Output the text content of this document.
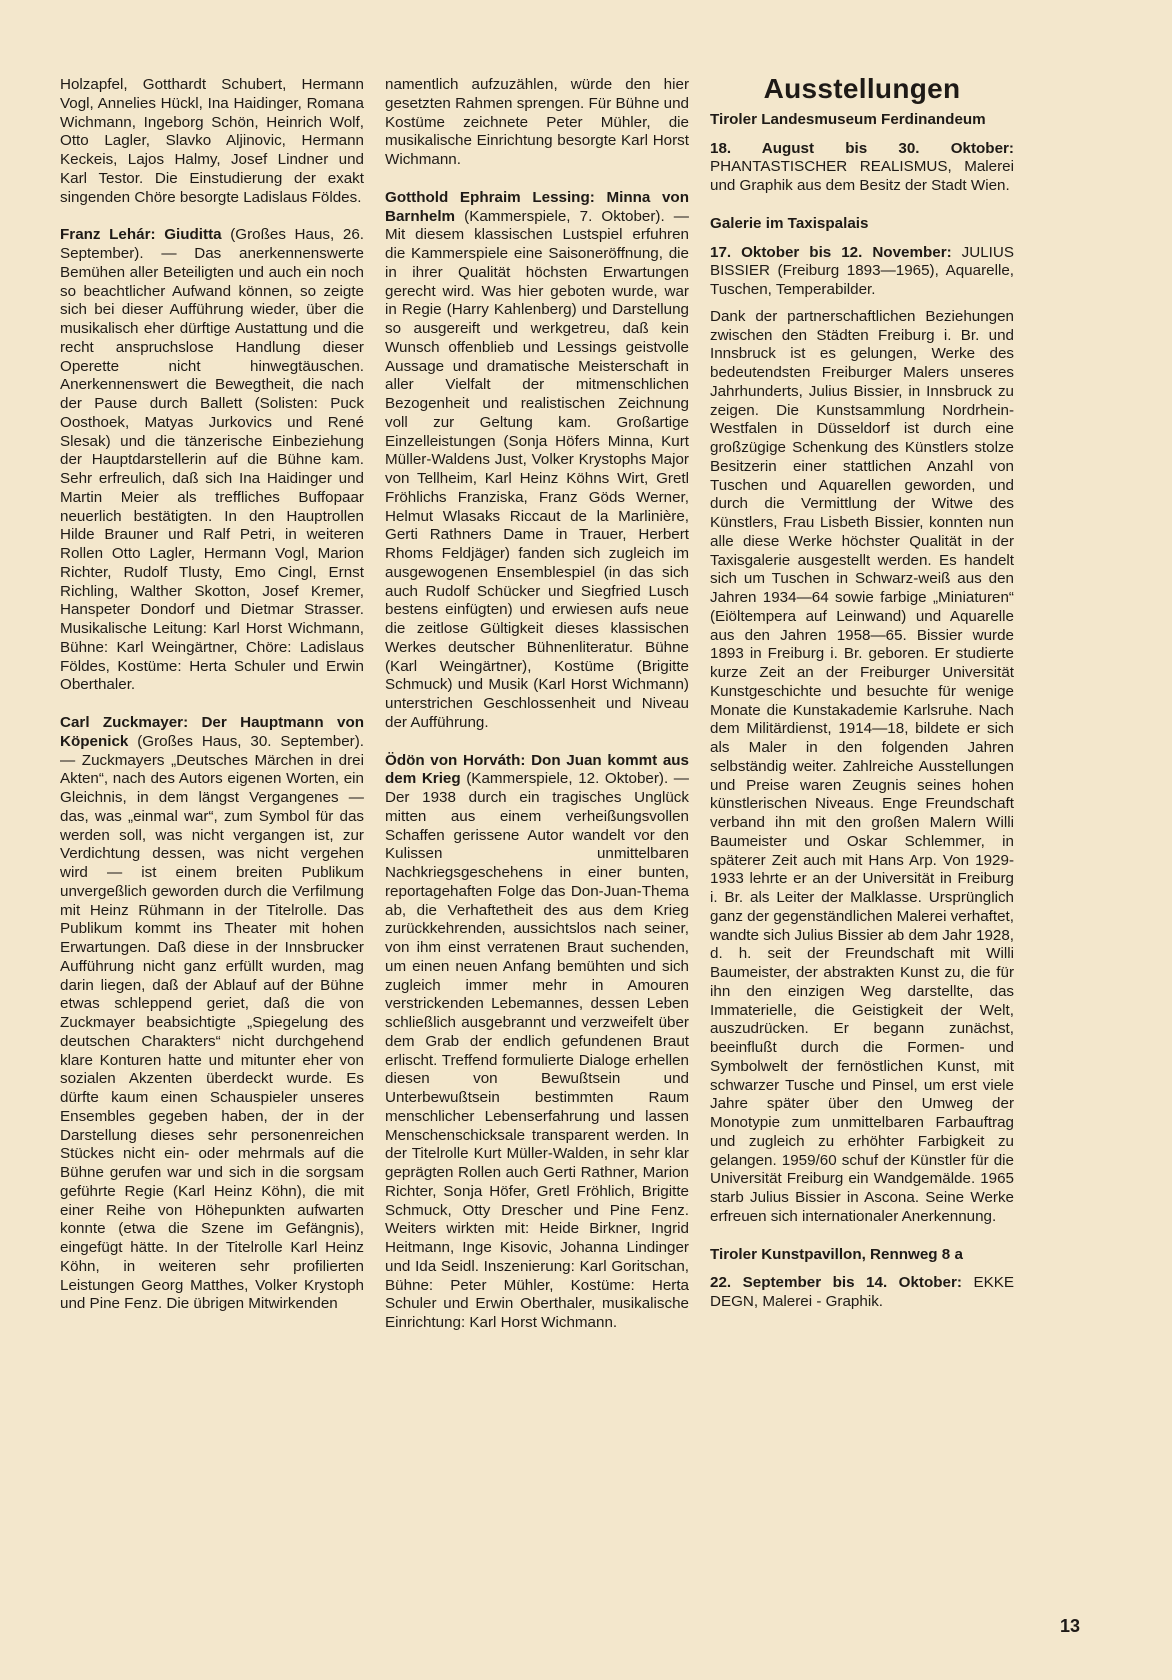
Holzapfel, Gotthardt Schubert, Hermann Vogl, Annelies Hückl, Ina Haidinger, Romana Wichmann, Ingeborg Schön, Heinrich Wolf, Otto Lagler, Slavko Aljinovic, Hermann Keckeis, Lajos Halmy, Josef Lindner und Karl Testor. Die Einstudierung der exakt singenden Chöre besorgte Ladislaus Földes.

Franz Lehár: Giuditta (Großes Haus, 26. September). — Das anerkennenswerte Bemühen aller Beteiligten und auch ein noch so beachtlicher Aufwand können, so zeigte sich bei dieser Aufführung wieder, über die musikalisch eher dürftige Austattung und die recht anspruchslose Handlung dieser Operette nicht hinwegtäuschen. Anerkennenswert die Bewegtheit, die nach der Pause durch Ballett (Solisten: Puck Oosthoek, Matyas Jurkovics und René Slesak) und die tänzerische Einbeziehung der Hauptdarstellerin auf die Bühne kam. Sehr erfreulich, daß sich Ina Haidinger und Martin Meier als treffliches Buffopaar neuerlich bestätigten. In den Hauptrollen Hilde Brauner und Ralf Petri, in weiteren Rollen Otto Lagler, Hermann Vogl, Marion Richter, Rudolf Tlusty, Emo Cingl, Ernst Richling, Walther Skotton, Josef Kremer, Hanspeter Dondorf und Dietmar Strasser. Musikalische Leitung: Karl Horst Wichmann, Bühne: Karl Weingärtner, Chöre: Ladislaus Földes, Kostüme: Herta Schuler und Erwin Oberthaler.

Carl Zuckmayer: Der Hauptmann von Köpenick (Großes Haus, 30. September). — Zuckmayers „Deutsches Märchen in drei Akten“, nach des Autors eigenen Worten, ein Gleichnis, in dem längst Vergangenes — das, was „einmal war“, zum Symbol für das werden soll, was nicht vergangen ist, zur Verdichtung dessen, was nicht vergehen wird — ist einem breiten Publikum unvergeßlich geworden durch die Verfilmung mit Heinz Rühmann in der Titelrolle. Das Publikum kommt ins Theater mit hohen Erwartungen. Daß diese in der Innsbrucker Aufführung nicht ganz erfüllt wurden, mag darin liegen, daß der Ablauf auf der Bühne etwas schleppend geriet, daß die von Zuckmayer beabsichtigte „Spiegelung des deutschen Charakters“ nicht durchgehend klare Konturen hatte und mitunter eher von sozialen Akzenten überdeckt wurde. Es dürfte kaum einen Schauspieler unseres Ensembles gegeben haben, der in der Darstellung dieses sehr personenreichen Stückes nicht ein- oder mehrmals auf die Bühne gerufen war und sich in die sorgsam geführte Regie (Karl Heinz Köhn), die mit einer Reihe von Höhepunkten aufwarten konnte (etwa die Szene im Gefängnis), eingefügt hätte. In der Titelrolle Karl Heinz Köhn, in weiteren sehr profilierten Leistungen Georg Matthes, Volker Krystoph und Pine Fenz. Die übrigen Mitwirkenden

namentlich aufzuzählen, würde den hier gesetzten Rahmen sprengen. Für Bühne und Kostüme zeichnete Peter Mühler, die musikalische Einrichtung besorgte Karl Horst Wichmann.

Gotthold Ephraim Lessing: Minna von Barnhelm (Kammerspiele, 7. Oktober). — Mit diesem klassischen Lustspiel erfuhren die Kammerspiele eine Saisoneröffnung, die in ihrer Qualität höchsten Erwartungen gerecht wird. Was hier geboten wurde, war in Regie (Harry Kahlenberg) und Darstellung so ausgereift und werkgetreu, daß kein Wunsch offenblieb und Lessings geistvolle Aussage und dramatische Meisterschaft in aller Vielfalt der mitmenschlichen Bezogenheit und realistischen Zeichnung voll zur Geltung kam. Großartige Einzelleistungen (Sonja Höfers Minna, Kurt Müller-Waldens Just, Volker Krystophs Major von Tellheim, Karl Heinz Köhns Wirt, Gretl Fröhlichs Franziska, Franz Göds Werner, Helmut Wlasaks Riccaut de la Marlinière, Gerti Rathners Dame in Trauer, Herbert Rhoms Feldjäger) fanden sich zugleich im ausgewogenen Ensemblespiel (in das sich auch Rudolf Schücker und Siegfried Lusch bestens einfügten) und erwiesen aufs neue die zeitlose Gültigkeit dieses klassischen Werkes deutscher Bühnenliteratur. Bühne (Karl Weingärtner), Kostüme (Brigitte Schmuck) und Musik (Karl Horst Wichmann) unterstrichen Geschlossenheit und Niveau der Aufführung.

Ödön von Horváth: Don Juan kommt aus dem Krieg (Kammerspiele, 12. Oktober). — Der 1938 durch ein tragisches Unglück mitten aus einem verheißungsvollen Schaffen gerissene Autor wandelt vor den Kulissen unmittelbaren Nachkriegsgeschehens in einer bunten, reportagehaften Folge das Don-Juan-Thema ab, die Verhaftetheit des aus dem Krieg zurückkehrenden, aussichtslos nach seiner, von ihm einst verratenen Braut suchenden, um einen neuen Anfang bemühten und sich zugleich immer mehr in Amouren verstrickenden Lebemannes, dessen Leben schließlich ausgebrannt und verzweifelt über dem Grab der endlich gefundenen Braut erlischt. Treffend formulierte Dialoge erhellen diesen von Bewußtsein und Unterbewußtsein bestimmten Raum menschlicher Lebenserfahrung und lassen Menschenschicksale transparent werden. In der Titelrolle Kurt Müller-Walden, in sehr klar geprägten Rollen auch Gerti Rathner, Marion Richter, Sonja Höfer, Gretl Fröhlich, Brigitte Schmuck, Otty Drescher und Pine Fenz. Weiters wirkten mit: Heide Birkner, Ingrid Heitmann, Inge Kisovic, Johanna Lindinger und Ida Seidl. Inszenierung: Karl Goritschan, Bühne: Peter Mühler, Kostüme: Herta Schuler und Erwin Oberthaler, musikalische Einrichtung: Karl Horst Wichmann.

Ausstellungen
Tiroler Landesmuseum Ferdinandeum

18. August bis 30. Oktober: PHANTASTISCHER REALISMUS, Malerei und Graphik aus dem Besitz der Stadt Wien.

Galerie im Taxispalais

17. Oktober bis 12. November: JULIUS BISSIER (Freiburg 1893—1965), Aquarelle, Tuschen, Temperabilder.

Dank der partnerschaftlichen Beziehungen zwischen den Städten Freiburg i. Br. und Innsbruck ist es gelungen, Werke des bedeutendsten Freiburger Malers unseres Jahrhunderts, Julius Bissier, in Innsbruck zu zeigen. Die Kunstsammlung Nordrhein-Westfalen in Düsseldorf ist durch eine großzügige Schenkung des Künstlers stolze Besitzerin einer stattlichen Anzahl von Tuschen und Aquarellen geworden, und durch die Vermittlung der Witwe des Künstlers, Frau Lisbeth Bissier, konnten nun alle diese Werke höchster Qualität in der Taxisgalerie ausgestellt werden. Es handelt sich um Tuschen in Schwarz-weiß aus den Jahren 1934—64 sowie farbige „Miniaturen“ (Eiöltempera auf Leinwand) und Aquarelle aus den Jahren 1958—65. Bissier wurde 1893 in Freiburg i. Br. geboren. Er studierte kurze Zeit an der Freiburger Universität Kunstgeschichte und besuchte für wenige Monate die Kunstakademie Karlsruhe. Nach dem Militärdienst, 1914—18, bildete er sich als Maler in den folgenden Jahren selbständig weiter. Zahlreiche Ausstellungen und Preise waren Zeugnis seines hohen künstlerischen Niveaus. Enge Freundschaft verband ihn mit den großen Malern Willi Baumeister und Oskar Schlemmer, in späterer Zeit auch mit Hans Arp. Von 1929-1933 lehrte er an der Universität in Freiburg i. Br. als Leiter der Malklasse. Ursprünglich ganz der gegenständlichen Malerei verhaftet, wandte sich Julius Bissier ab dem Jahr 1928, d. h. seit der Freundschaft mit Willi Baumeister, der abstrakten Kunst zu, die für ihn den einzigen Weg darstellte, das Immaterielle, die Geistigkeit der Welt, auszudrücken. Er begann zunächst, beeinflußt durch die Formen- und Symbolwelt der fernöstlichen Kunst, mit schwarzer Tusche und Pinsel, um erst viele Jahre später über den Umweg der Monotypie zum unmittelbaren Farbauftrag und zugleich zu erhöhter Farbigkeit zu gelangen. 1959/60 schuf der Künstler für die Universität Freiburg ein Wandgemälde. 1965 starb Julius Bissier in Ascona. Seine Werke erfreuen sich internationaler Anerkennung.

Tiroler Kunstpavillon, Rennweg 8 a

22. September bis 14. Oktober: EKKE DEGN, Malerei - Graphik.

13
